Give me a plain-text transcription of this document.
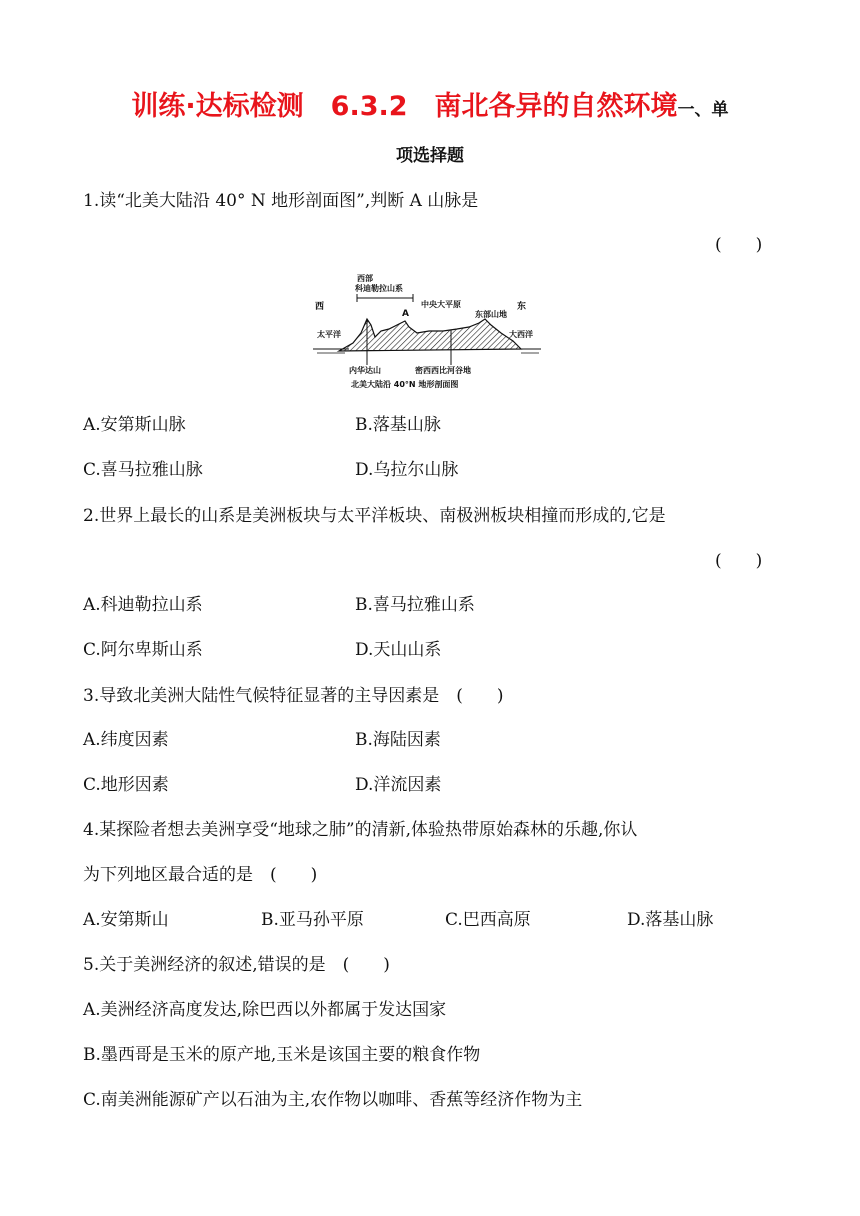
训练·达标检测　6.3.2　南北各异的自然环境一、单
项选择题
1.读“北美大陆沿 40° N 地形剖面图”,判断 A 山脉是
(　　)
西部
科迪勒拉山系
西	东
中央大平原
东部山地
A
太平洋	大西洋
内华达山	密西西比河谷地
北美大陆沿 40°N 地形剖面图
A.安第斯山脉	B.落基山脉
C.喜马拉雅山脉	D.乌拉尔山脉
2.世界上最长的山系是美洲板块与太平洋板块、南极洲板块相撞而形成的,它是
(　　)
A.科迪勒拉山系	B.喜马拉雅山系
C.阿尔卑斯山系	D.天山山系
3.导致北美洲大陆性气候特征显著的主导因素是　(　　)
A.纬度因素	B.海陆因素
C.地形因素	D.洋流因素
4.某探险者想去美洲享受“地球之肺”的清新,体验热带原始森林的乐趣,你认
为下列地区最合适的是　(　　)
A.安第斯山	B.亚马孙平原	C.巴西高原	D.落基山脉
5.关于美洲经济的叙述,错误的是　(　　)
A.美洲经济高度发达,除巴西以外都属于发达国家
B.墨西哥是玉米的原产地,玉米是该国主要的粮食作物
C.南美洲能源矿产以石油为主,农作物以咖啡、香蕉等经济作物为主
